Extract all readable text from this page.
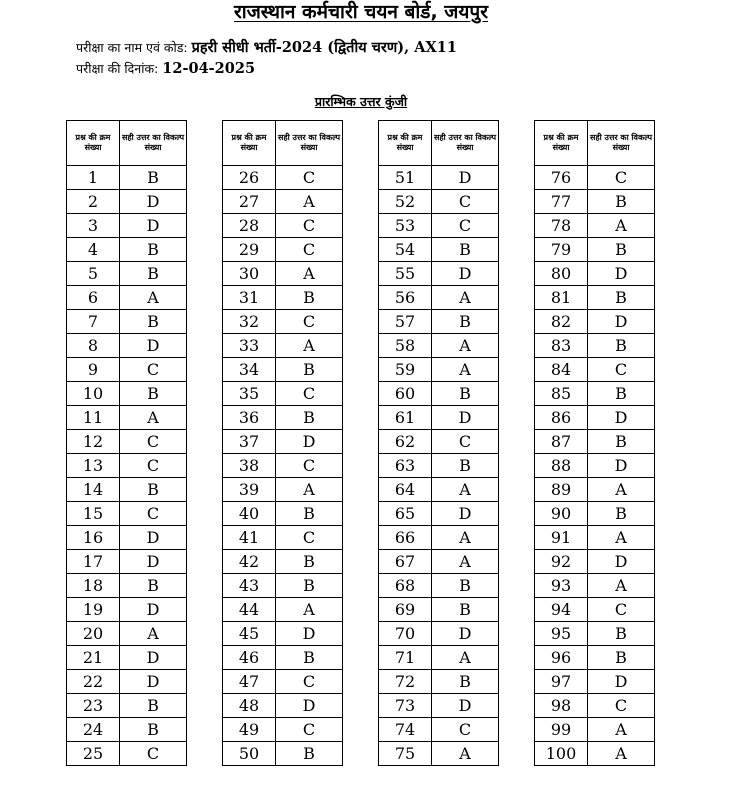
राजस्थान कर्मचारी चयन बोर्ड, जयपुर
परीक्षा का नाम एवं कोड: प्रहरी सीधी भर्ती-2024 (द्वितीय चरण), AX11
परीक्षा की दिनांक: 12-04-2025
प्रारम्भिक उत्तर कुंजी
प्रश्न की क्रम संख्या	सही उत्तर का विकल्प संख्या
1	B
2	D
3	D
4	B
5	B
6	A
7	B
8	D
9	C
10	B
11	A
12	C
13	C
14	B
15	C
16	D
17	D
18	B
19	D
20	A
21	D
22	D
23	B
24	B
25	C
प्रश्न की क्रम संख्या	सही उत्तर का विकल्प संख्या
26	C
27	A
28	C
29	C
30	A
31	B
32	C
33	A
34	B
35	C
36	B
37	D
38	C
39	A
40	B
41	C
42	B
43	B
44	A
45	D
46	B
47	C
48	D
49	C
50	B
प्रश्न की क्रम संख्या	सही उत्तर का विकल्प संख्या
51	D
52	C
53	C
54	B
55	D
56	A
57	B
58	A
59	A
60	B
61	D
62	C
63	B
64	A
65	D
66	A
67	A
68	B
69	B
70	D
71	A
72	B
73	D
74	C
75	A
प्रश्न की क्रम संख्या	सही उत्तर का विकल्प संख्या
76	C
77	B
78	A
79	B
80	D
81	B
82	D
83	B
84	C
85	B
86	D
87	B
88	D
89	A
90	B
91	A
92	D
93	A
94	C
95	B
96	B
97	D
98	C
99	A
100	A
